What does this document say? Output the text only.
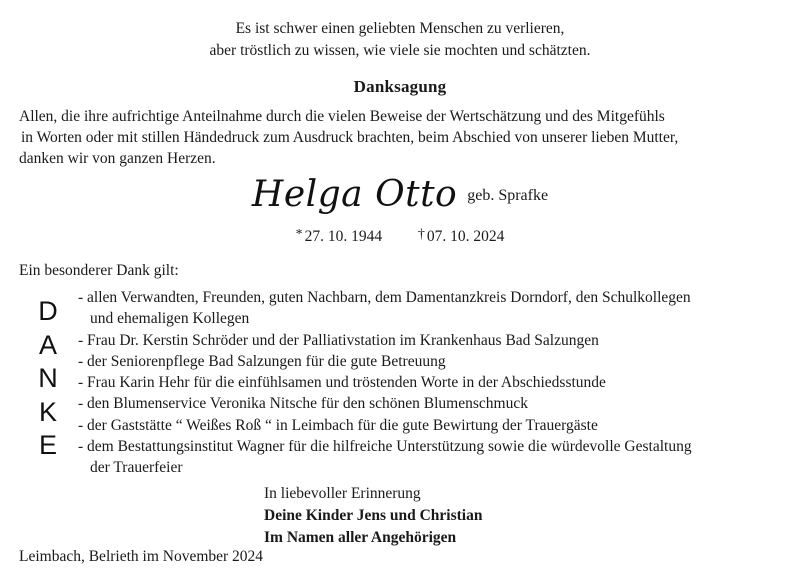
Es ist schwer einen geliebten Menschen zu verlieren,
aber tröstlich zu wissen, wie viele sie mochten und schätzten.
Danksagung
Allen, die ihre aufrichtige Anteilnahme durch die vielen Beweise der Wertschätzung und des Mitgefühls
in Worten oder mit stillen Händedruck zum Ausdruck brachten, beim Abschied von unserer lieben Mutter,
danken wir von ganzen Herzen.
Helga Otto geb. Sprafke
* 27. 10. 1944	† 07. 10. 2024
Ein besonderer Dank gilt:
D
A
N
K
E
- allen Verwandten, Freunden, guten Nachbarn, dem Damentanzkreis Dorndorf, den Schulkollegen
und ehemaligen Kollegen
- Frau Dr. Kerstin Schröder und der Palliativstation im Krankenhaus Bad Salzungen
- der Seniorenpflege Bad Salzungen für die gute Betreuung
- Frau Karin Hehr für die einfühlsamen und tröstenden Worte in der Abschiedsstunde
- den Blumenservice Veronika Nitsche für den schönen Blumenschmuck
- der Gaststätte “ Weißes Roß “ in Leimbach für die gute Bewirtung der Trauergäste
- dem Bestattungsinstitut Wagner für die hilfreiche Unterstützung sowie die würdevolle Gestaltung
der Trauerfeier
In liebevoller Erinnerung
Deine Kinder Jens und Christian
Im Namen aller Angehörigen
Leimbach, Belrieth im November 2024
